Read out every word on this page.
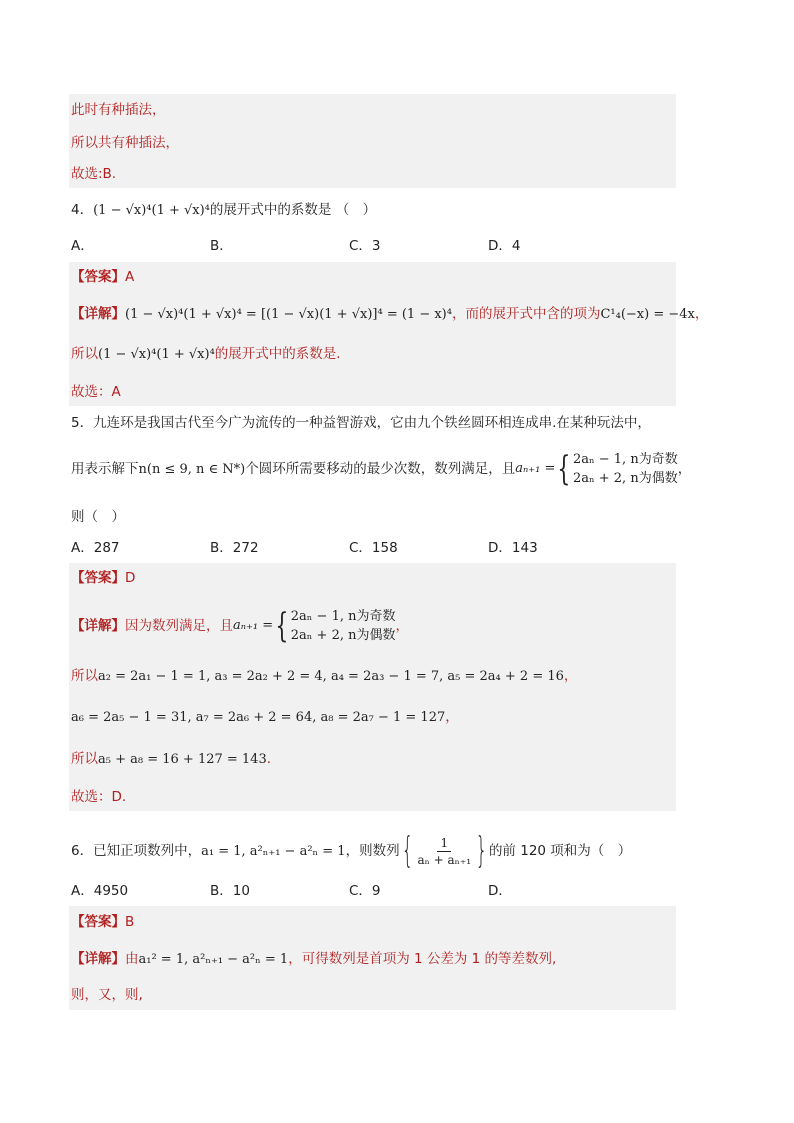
此时有种插法，
所以共有种插法，
故选:B.
4．(1 − √x)⁴(1 + √x)⁴的展开式中的系数是 （　）
A．	B．	C．3	D．4
【答案】A
【详解】(1 − √x)⁴(1 + √x)⁴ = [(1 − √x)(1 + √x)]⁴ = (1 − x)⁴，而的展开式中含的项为C¹₄(−x) = −4x，
所以(1 − √x)⁴(1 + √x)⁴的展开式中的系数是.
故选：A
5．九连环是我国古代至今广为流传的一种益智游戏，它由九个铁丝圆环相连成串.在某种玩法中，
用表示解下n(n ≤ 9, n ∈ N*)个圆环所需要移动的最少次数，数列满足，且 aₙ₊₁ = { 2aₙ − 1, n为奇数
2aₙ + 2, n为偶数
，
则（　）
A．287	B．272	C．158	D．143
【答案】D
【详解】因为数列满足，且 aₙ₊₁ = { 2aₙ − 1, n为奇数
2aₙ + 2, n为偶数
，
所以a₂ = 2a₁ − 1 = 1, a₃ = 2a₂ + 2 = 4, a₄ = 2a₃ − 1 = 7, a₅ = 2a₄ + 2 = 16，
a₆ = 2a₅ − 1 = 31, a₇ = 2a₆ + 2 = 64, a₈ = 2a₇ − 1 = 127，
所以a₅ + a₈ = 16 + 127 = 143.
故选：D.
6．已知正项数列中，a₁ = 1, a²ₙ₊₁ − a²ₙ = 1，则数列{ $\frac{1}{\text{aₙ + aₙ₊₁}}$ } 的前 120 项和为（　）
A．4950	B．10	C．9	D．
【答案】B
【详解】由a₁² = 1, a²ₙ₊₁ − a²ₙ = 1，可得数列是首项为 1 公差为 1 的等差数列,
则，又，则,
